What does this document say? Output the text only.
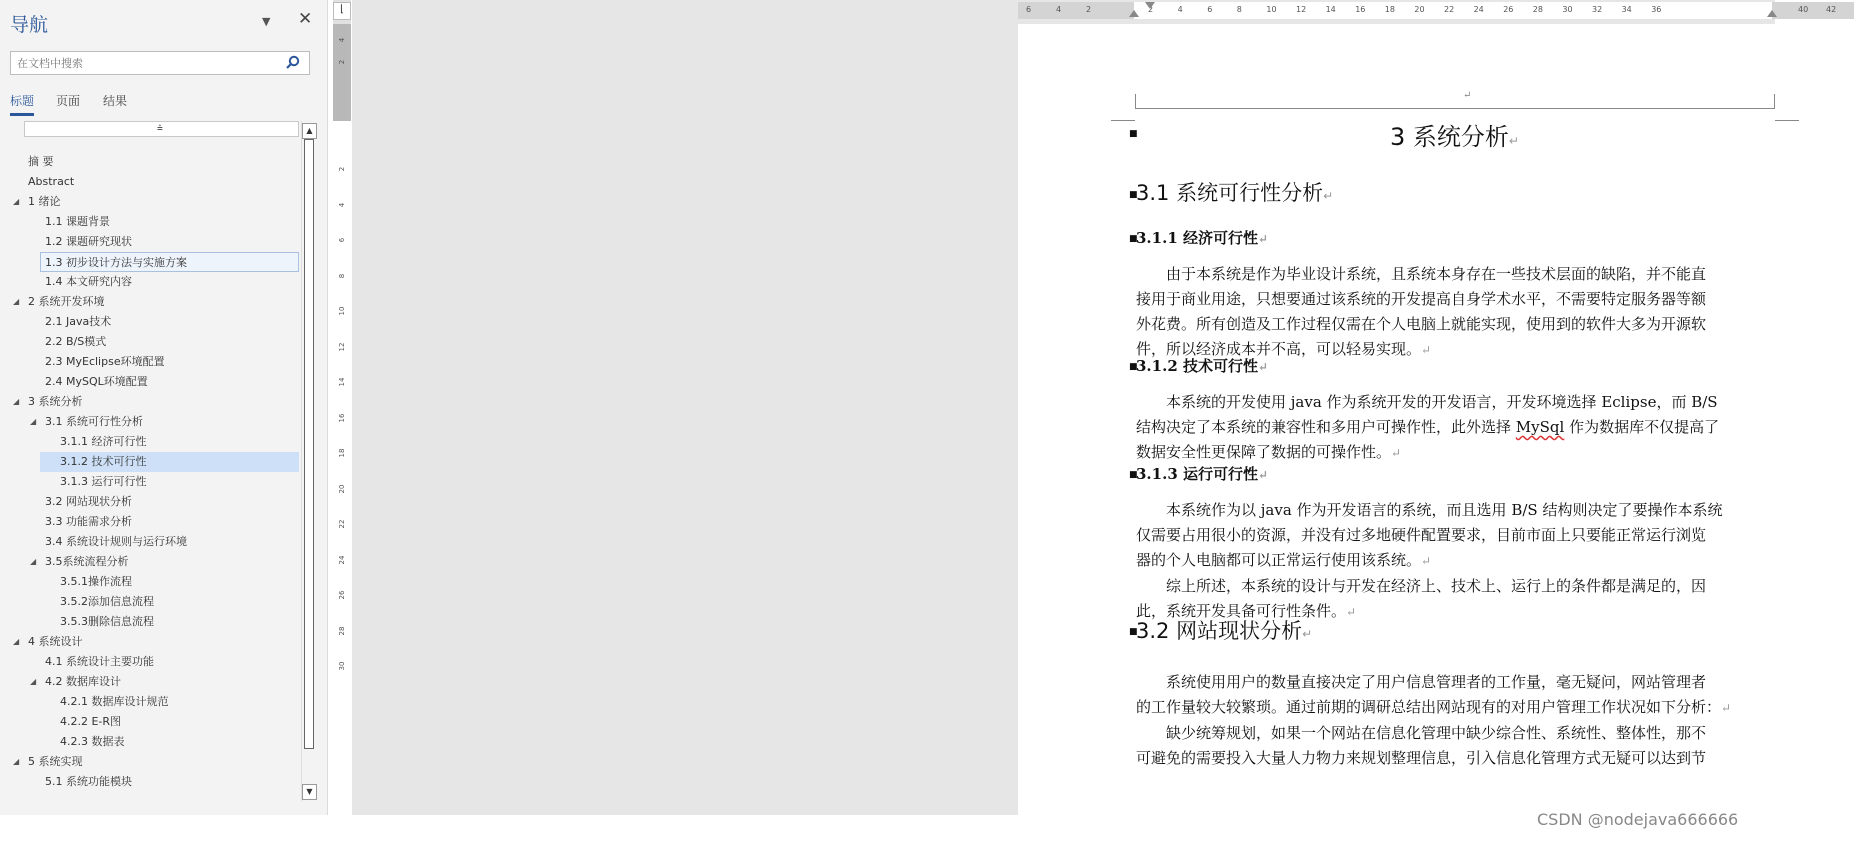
导航	▼ ✕
在文档中搜索
标题 页面 结果
⩮
摘 要
Abstract
◢ 1 绪论
1.1 课题背景
1.2 课题研究现状
1.3 初步设计方法与实施方案
1.4 本文研究内容
◢ 2 系统开发环境
2.1 Java技术
2.2 B/S模式
2.3 MyEclipse环境配置
2.4 MySQL环境配置
◢ 3 系统分析
◢ 3.1 系统可行性分析
3.1.1 经济可行性
3.1.2 技术可行性
3.1.3 运行可行性
3.2 网站现状分析
3.3 功能需求分析
3.4 系统设计规则与运行环境
◢ 3.5系统流程分析
3.5.1操作流程
3.5.2添加信息流程
3.5.3删除信息流程
◢ 4 系统设计
4.1 系统设计主要功能
◢ 4.2 数据库设计
4.2.1 数据库设计规范
4.2.2 E-R图
4.2.3 数据表
◢ 5 系统实现
5.1 系统功能模块
▲
▼
⌊
4
2
2
4
6
8
10
12
14
16
18
20
22
24
26
28
30
6	4	2	2	4	6	8	10 12 14 16 18 20 22 24 26 28 30 32 34 36	40 42
↵
■	3 系统分析↵
■
3.1 系统可行性分析↵
■
3.1.1 经济可行性↵
由于本系统是作为毕业设计系统，且系统本身存在一些技术层面的缺陷，并不能直
接用于商业用途，只想要通过该系统的开发提高自身学术水平，不需要特定服务器等额
外花费。所有创造及工作过程仅需在个人电脑上就能实现，使用到的软件大多为开源软
件，所以经济成本并不高，可以轻易实现。↵
■
3.1.2 技术可行性↵
本系统的开发使用 java 作为系统开发的开发语言，开发环境选择 Eclipse，而 B/S
结构决定了本系统的兼容性和多用户可操作性，此外选择 MySql 作为数据库不仅提高了
数据安全性更保障了数据的可操作性。↵
■
3.1.3 运行可行性↵
本系统作为以 java 作为开发语言的系统，而且选用 B/S 结构则决定了要操作本系统
仅需要占用很小的资源，并没有过多地硬件配置要求，目前市面上只要能正常运行浏览
器的个人电脑都可以正常运行使用该系统。↵
综上所述，本系统的设计与开发在经济上、技术上、运行上的条件都是满足的，因
此，系统开发具备可行性条件。↵
■
3.2 网站现状分析↵
系统使用用户的数量直接决定了用户信息管理者的工作量，毫无疑问，网站管理者
的工作量较大较繁琐。通过前期的调研总结出网站现有的对用户管理工作状况如下分析：↵
缺少统筹规划，如果一个网站在信息化管理中缺少综合性、系统性、整体性，那不
可避免的需要投入大量人力物力来规划整理信息，引入信息化管理方式无疑可以达到节
CSDN @nodejava666666
